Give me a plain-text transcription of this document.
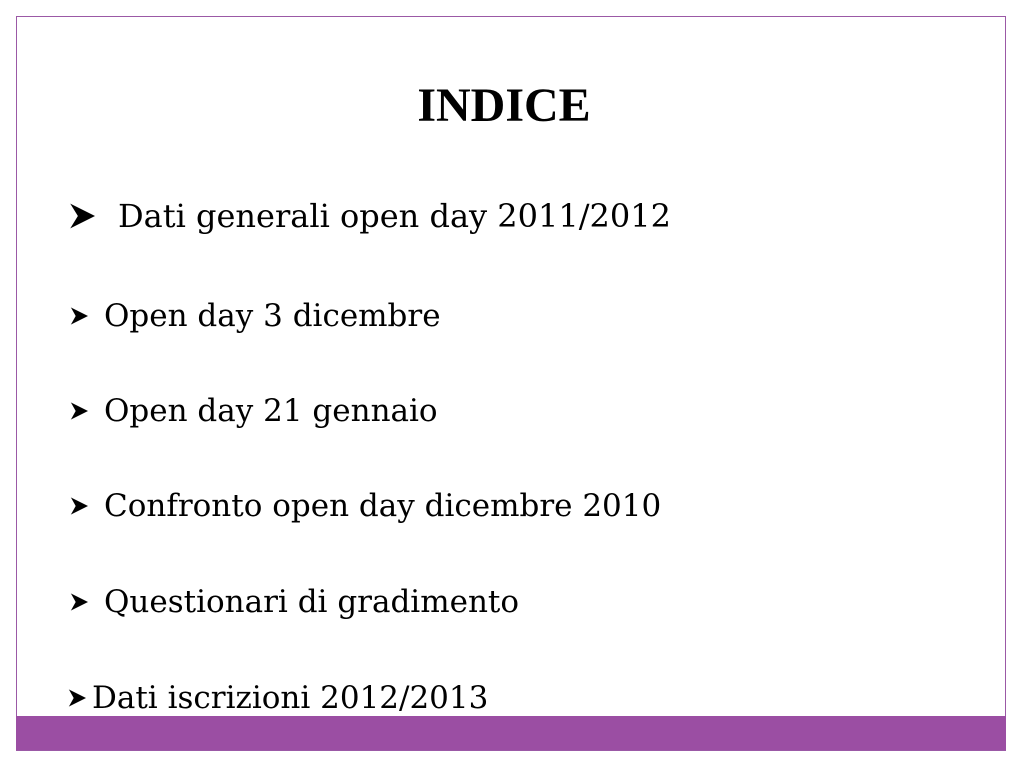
INDICE
Dati generali open day 2011/2012
Open day 3 dicembre
Open day 21 gennaio
Confronto open day dicembre 2010
Questionari di gradimento
Dati iscrizioni 2012/2013
